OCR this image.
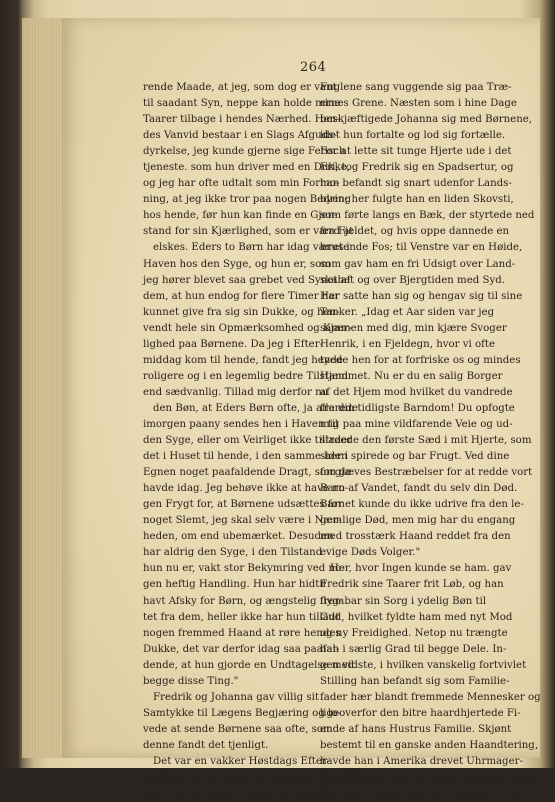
264
rende Maade, at jeg, som dog er vant
til saadant Syn, neppe kan holde mine
Taarer tilbage i hendes Nærhed. Hen-
des Vanvid bestaar i en Slags Afguds-
dyrkelse, jeg kunde gjerne sige Fetisch
tjeneste. som hun driver med en Dukke,
og jeg har ofte udtalt som min Formo-
ning, at jeg ikke tror paa nogen Bedring
hos hende, før hun kan finde en Gjen-
stand for sin Kjærlighed, som er værd at
elskes. Eders to Børn har idag været i
Haven hos den Syge, og hun er, som
jeg hører blevet saa grebet ved Synet af
dem, at hun endog for flere Timer har
kunnet give fra sig sin Dukke, og hen-
vendt hele sin Opmærksomhed og Kjær-
lighed paa Børnene. Da jeg i Efter-
middag kom til hende, fandt jeg hende
roligere og i en legemlig bedre Tilstand
end sædvanlig. Tillad mig derfor nu
den Bøn, at Eders Børn ofte, ja allerede
imorgen paany sendes hen i Haven til
den Syge, eller om Veirliget ikke tillader
det i Huset til hende, i den samme her i
Egnen noget paafaldende Dragt, som de
havde idag. Jeg behøve ikke at have no-
gen Frygt for, at Børnene udsættes for
noget Slemt, jeg skal selv være i Nær-
heden, om end ubemærket. Desuden
har aldrig den Syge, i den Tilstand
hun nu er, vakt stor Bekymring ved no-
gen heftig Handling. Hun har hidtil
havt Afsky for Børn, og ængstelig flyg-
tet fra dem, heller ikke har hun tilladt
nogen fremmed Haand at røre hendes
Dukke, det var derfor idag saa paafal-
dende, at hun gjorde en Undtagelse med
begge disse Ting."
Fredrik og Johanna gav villig sit
Samtykke til Lægens Begjæring og lo-
vede at sende Børnene saa ofte, som
denne fandt det tjenligt.
Det var en vakker Høstdags Efter-
middag. Landsfolket var beskjæftiget ude
paa Marken eller i Haverne, medens
Fuglene sang vuggende sig paa Træ-
ernes Grene. Næsten som i hine Dage
beskjæftigede Johanna sig med Børnene,
idet hun fortalte og lod sig fortælle.
For at lette sit tunge Hjerte ude i det
Fri, tog Fredrik sig en Spadsertur, og
han befandt sig snart udenfor Lands-
byen; her fulgte han en liden Skovsti,
som førte langs en Bæk, der styrtede ned
fra Fjeldet, og hvis oppe dannede en
brusende Fos; til Venstre var en Høide,
som gav ham en fri Udsigt over Land-
skabet og over Bjergtiden med Syd.
Her satte han sig og hengav sig til sine
Tanker. „Idag et Aar siden var jeg
sammen med dig, min kjære Svoger
Henrik, i en Fjeldegn, hvor vi ofte
tyede hen for at forfriske os og mindes
Hjemmet. Nu er du en salig Borger
af det Hjem mod hvilket du vandrede
fra din tidligste Barndom! Du opfogte
mig paa mine vildfarende Veie og ud-
strøede den første Sæd i mit Hjerte, som
siden spirede og bar Frugt. Ved dine
forgjæves Bestræbelser for at redde vort
Barn af Vandet, fandt du selv din Død.
Barnet kunde du ikke udrive fra den le-
gemlige Død, men mig har du engang
med trosstærk Haand reddet fra den
evige Døds Volger."
Her, hvor Ingen kunde se ham. gav
Fredrik sine Taarer frit Løb, og han
frembar sin Sorg i ydelig Bøn til
Gud, hvilket fyldte ham med nyt Mod
og ny Freidighed. Netop nu trængte
han i særlig Grad til begge Dele. In-
gen vidste, i hvilken vanskelig fortvivlet
Stilling han befandt sig som Familie-
fader hær blandt fremmede Mennesker og
ligeoverfor den bitre haardhjertede Fi-
ende af hans Hustrus Familie. Skjønt
bestemt til en ganske anden Haandtering,
havde han i Amerika drevet Uhrmager-
haandværket, og ved dette Arbeide saavel
som ved Handel med europæiske Uhre,
